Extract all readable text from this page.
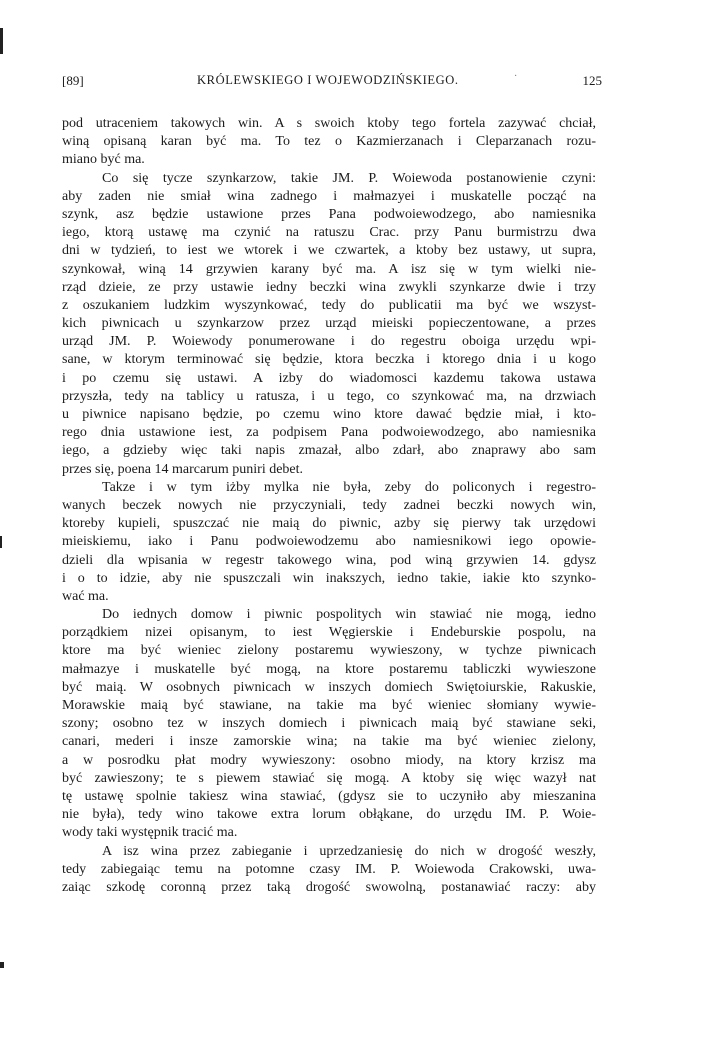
[89]	KRÓLEWSKIEGO I WOJEWODZIŃSKIEGO.	·	125
pod utraceniem takowych win. A s swoich ktoby tego fortela zazywać chciał,
winą opisaną karan być ma. To tez o Kazmierzanach i Cleparzanach rozu-
miano być ma.
Co się tycze szynkarzow, takie JM. P. Woiewoda postanowienie czyni:
aby zaden nie smiał wina zadnego i małmazyei i muskatelle począć na
szynk, asz będzie ustawione przes Pana podwoiewodzego, abo namiesnika
iego, ktorą ustawę ma czynić na ratuszu Crac. przy Panu burmistrzu dwa
dni w tydzień, to iest we wtorek i we czwartek, a ktoby bez ustawy, ut supra,
szynkował, winą 14 grzywien karany być ma. A isz się w tym wielki nie-
rząd dzieie, ze przy ustawie iedny beczki wina zwykli szynkarze dwie i trzy
z oszukaniem ludzkim wyszynkować, tedy do publicatii ma być we wszyst-
kich piwnicach u szynkarzow przez urząd mieiski popieczentowane, a przes
urząd JM. P. Woiewody ponumerowane i do regestru oboiga urzędu wpi-
sane, w ktorym terminować się będzie, ktora beczka i ktorego dnia i u kogo
i po czemu się ustawi. A izby do wiadomosci kazdemu takowa ustawa
przyszła, tedy na tablicy u ratusza, i u tego, co szynkować ma, na drzwiach
u piwnice napisano będzie, po czemu wino ktore dawać będzie miał, i kto-
rego dnia ustawione iest, za podpisem Pana podwoiewodzego, abo namiesnika
iego, a gdzieby więc taki napis zmazał, albo zdarł, abo znaprawy abo sam
przes się, poena 14 marcarum puniri debet.
Takze i w tym iżby mylka nie była, zeby do policonych i regestro-
wanych beczek nowych nie przyczyniali, tedy zadnei beczki nowych win,
ktoreby kupieli, spuszczać nie maią do piwnic, azby się pierwy tak urzędowi
mieiskiemu, iako i Panu podwoiewodzemu abo namiesnikowi iego opowie-
dzieli dla wpisania w regestr takowego wina, pod winą grzywien 14. gdysz
i o to idzie, aby nie spuszczali win inakszych, iedno takie, iakie kto szynko-
wać ma.
Do iednych domow i piwnic pospolitych win stawiać nie mogą, iedno
porządkiem nizei opisanym, to iest Węgierskie i Endeburskie pospolu, na
ktore ma być wieniec zielony postaremu wywieszony, w tychze piwnicach
małmazye i muskatelle być mogą, na ktore postaremu tabliczki wywieszone
być maią. W osobnych piwnicach w inszych domiech Swiętoiurskie, Rakuskie,
Morawskie maią być stawiane, na takie ma być wieniec słomiany wywie-
szony; osobno tez w inszych domiech i piwnicach maią być stawiane seki,
canari, mederi i insze zamorskie wina; na takie ma być wieniec zielony,
a w posrodku płat modry wywieszony: osobno miody, na ktory krzisz ma
być zawieszony; te s piewem stawiać się mogą. A ktoby się więc wazył nat
tę ustawę spolnie takiesz wina stawiać, (gdysz sie to uczyniło aby mieszanina
nie była), tedy wino takowe extra lorum obłąkane, do urzędu IM. P. Woie-
wody taki występnik tracić ma.
A isz wina przez zabieganie i uprzedzaniesię do nich w drogość weszły,
tedy zabiegaiąc temu na potomne czasy IM. P. Woiewoda Crakowski, uwa-
zaiąc szkodę coronną przez taką drogość swowolną, postanawiać raczy: aby
